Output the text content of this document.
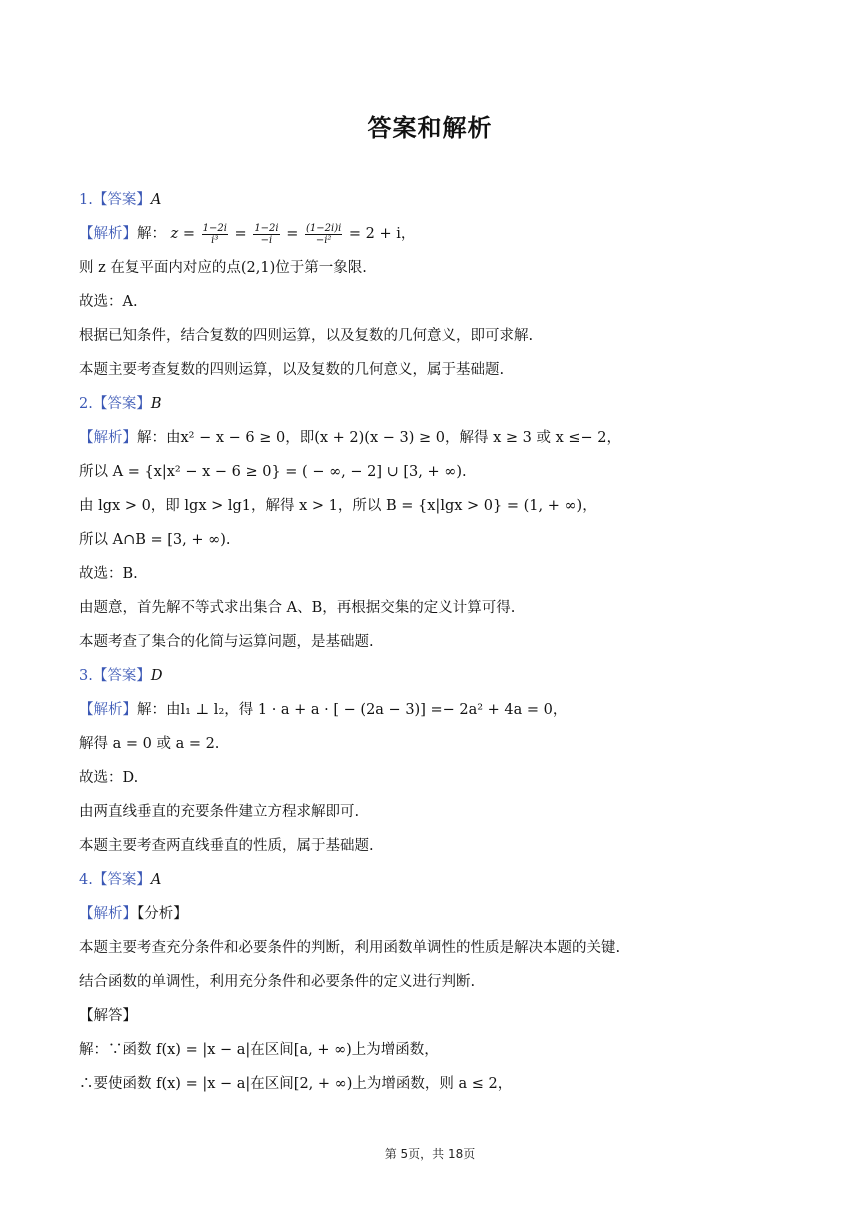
答案和解析
1.【答案】A
【解析】解： $z = \frac{1-2i}{\text{i³}} = \frac{1-2i}{-i} = \frac{(1-2i)i}{\text{−i²}} = 2 + i$，
则 z 在复平面内对应的点(2,1)位于第一象限.
故选：A.
根据已知条件，结合复数的四则运算，以及复数的几何意义，即可求解.
本题主要考查复数的四则运算，以及复数的几何意义，属于基础题.
2.【答案】B
【解析】解：由x² − x − 6 ≥ 0，即(x + 2)(x − 3) ≥ 0，解得 x ≥ 3 或 x ≤− 2，
所以 A = {x|x² − x − 6 ≥ 0} = ( − ∞, − 2] ∪ [3, + ∞).
由 lgx > 0，即 lgx > lg1，解得 x > 1，所以 B = {x|lgx > 0} = (1, + ∞)，
所以 A∩B = [3, + ∞).
故选：B.
由题意，首先解不等式求出集合 A、B，再根据交集的定义计算可得.
本题考查了集合的化简与运算问题，是基础题.
3.【答案】D
【解析】解：由l₁ ⊥ l₂，得 1 · a + a · [ − (2a − 3)] =− 2a² + 4a = 0，
解得 a = 0 或 a = 2.
故选：D.
由两直线垂直的充要条件建立方程求解即可.
本题主要考查两直线垂直的性质，属于基础题.
4.【答案】A
【解析】【分析】
本题主要考查充分条件和必要条件的判断，利用函数单调性的性质是解决本题的关键.
结合函数的单调性，利用充分条件和必要条件的定义进行判断.
【解答】
解：∵函数 f(x) = |x − a|在区间[a, + ∞)上为增函数，
∴要使函数 f(x) = |x − a|在区间[2, + ∞)上为增函数，则 a ≤ 2，
第 5页，共 18页
